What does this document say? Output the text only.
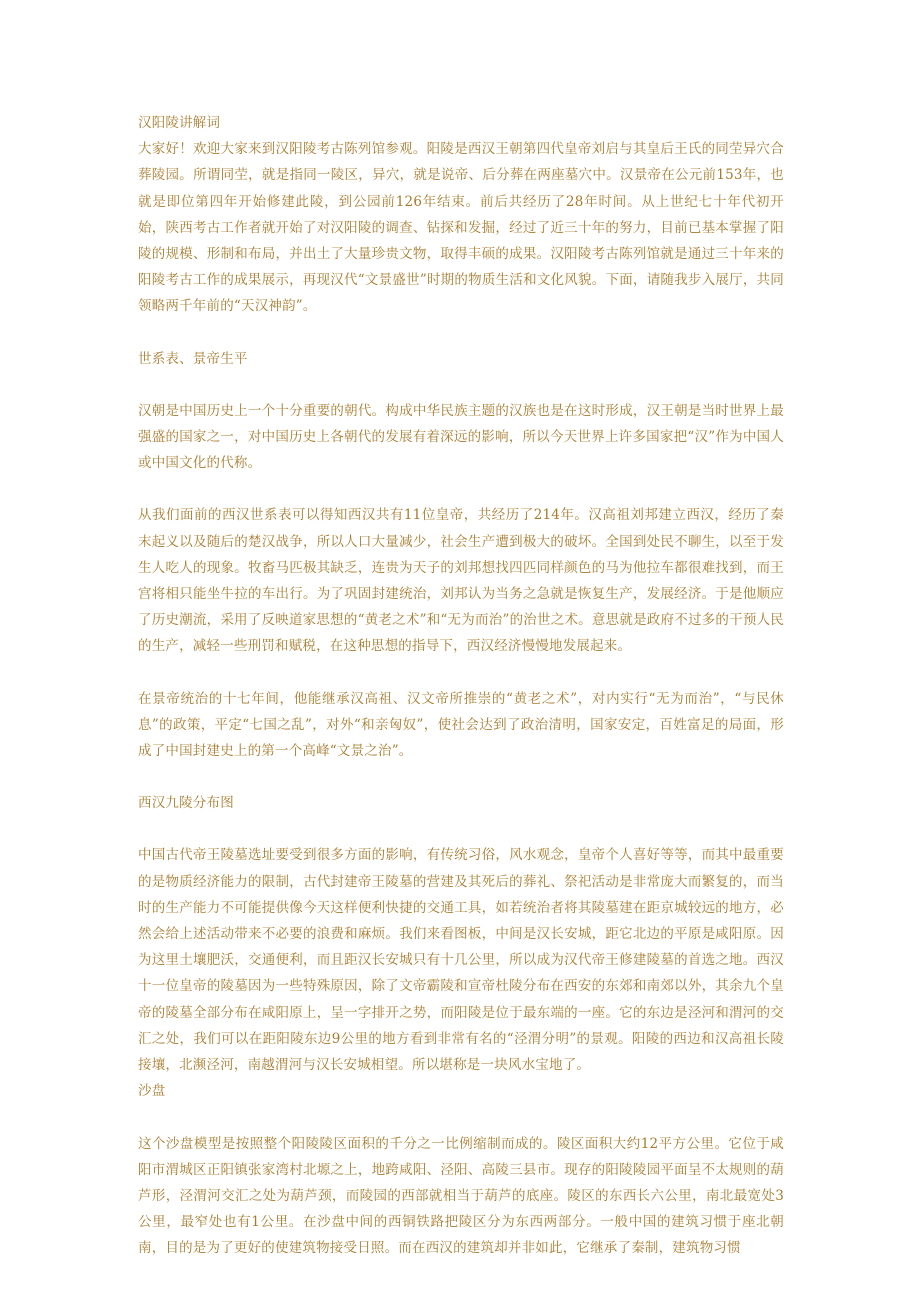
汉阳陵讲解词

大家好！欢迎大家来到汉阳陵考古陈列馆参观。阳陵是西汉王朝第四代皇帝刘启与其皇后王氏的同茔异穴合葬陵园。所谓同茔，就是指同一陵区，异穴，就是说帝、后分葬在两座墓穴中。汉景帝在公元前153年，也就是即位第四年开始修建此陵，到公园前126年结束。前后共经历了28年时间。从上世纪七十年代初开始，陕西考古工作者就开始了对汉阳陵的调查、钻探和发掘，经过了近三十年的努力，目前已基本掌握了阳陵的规模、形制和布局，并出土了大量珍贵文物，取得丰硕的成果。汉阳陵考古陈列馆就是通过三十年来的阳陵考古工作的成果展示，再现汉代“文景盛世”时期的物质生活和文化风貌。下面，请随我步入展厅，共同领略两千年前的“天汉神韵”。

世系表、景帝生平

汉朝是中国历史上一个十分重要的朝代。构成中华民族主题的汉族也是在这时形成，汉王朝是当时世界上最强盛的国家之一，对中国历史上各朝代的发展有着深远的影响，所以今天世界上许多国家把“汉”作为中国人或中国文化的代称。

从我们面前的西汉世系表可以得知西汉共有11位皇帝，共经历了214年。汉高祖刘邦建立西汉，经历了秦末起义以及随后的楚汉战争，所以人口大量减少，社会生产遭到极大的破坏。全国到处民不聊生，以至于发生人吃人的现象。牧畜马匹极其缺乏，连贵为天子的刘邦想找四匹同样颜色的马为他拉车都很难找到，而王宫将相只能坐牛拉的车出行。为了巩固封建统治，刘邦认为当务之急就是恢复生产，发展经济。于是他顺应了历史潮流，采用了反映道家思想的“黄老之术”和“无为而治”的治世之术。意思就是政府不过多的干预人民的生产，减轻一些刑罚和赋税，在这种思想的指导下，西汉经济慢慢地发展起来。

在景帝统治的十七年间，他能继承汉高祖、汉文帝所推崇的“黄老之术”，对内实行“无为而治”，“与民休息”的政策，平定“七国之乱”，对外“和亲匈奴”，使社会达到了政治清明，国家安定，百姓富足的局面，形成了中国封建史上的第一个高峰“文景之治”。

西汉九陵分布图

中国古代帝王陵墓选址要受到很多方面的影响，有传统习俗，风水观念，皇帝个人喜好等等，而其中最重要的是物质经济能力的限制，古代封建帝王陵墓的营建及其死后的葬礼、祭祀活动是非常庞大而繁复的，而当时的生产能力不可能提供像今天这样便利快捷的交通工具，如若统治者将其陵墓建在距京城较远的地方，必然会给上述活动带来不必要的浪费和麻烦。我们来看图板，中间是汉长安城，距它北边的平原是咸阳原。因为这里土壤肥沃，交通便利，而且距汉长安城只有十几公里，所以成为汉代帝王修建陵墓的首选之地。西汉十一位皇帝的陵墓因为一些特殊原因，除了文帝霸陵和宣帝杜陵分布在西安的东郊和南郊以外，其余九个皇帝的陵墓全部分布在咸阳原上，呈一字排开之势，而阳陵是位于最东端的一座。它的东边是泾河和渭河的交汇之处，我们可以在距阳陵东边9公里的地方看到非常有名的“泾渭分明”的景观。阳陵的西边和汉高祖长陵接壤，北濒泾河，南越渭河与汉长安城相望。所以堪称是一块风水宝地了。

沙盘

这个沙盘模型是按照整个阳陵陵区面积的千分之一比例缩制而成的。陵区面积大约12平方公里。它位于咸阳市渭城区正阳镇张家湾村北塬之上，地跨咸阳、泾阳、高陵三县市。现存的阳陵陵园平面呈不太规则的葫芦形，泾渭河交汇之处为葫芦颈，而陵园的西部就相当于葫芦的底座。陵区的东西长六公里，南北最宽处3公里，最窄处也有1公里。在沙盘中间的西铜铁路把陵区分为东西两部分。一般中国的建筑习惯于座北朝南，目的是为了更好的使建筑物接受日照。而在西汉的建筑却并非如此，它继承了秦制，建筑物习惯
